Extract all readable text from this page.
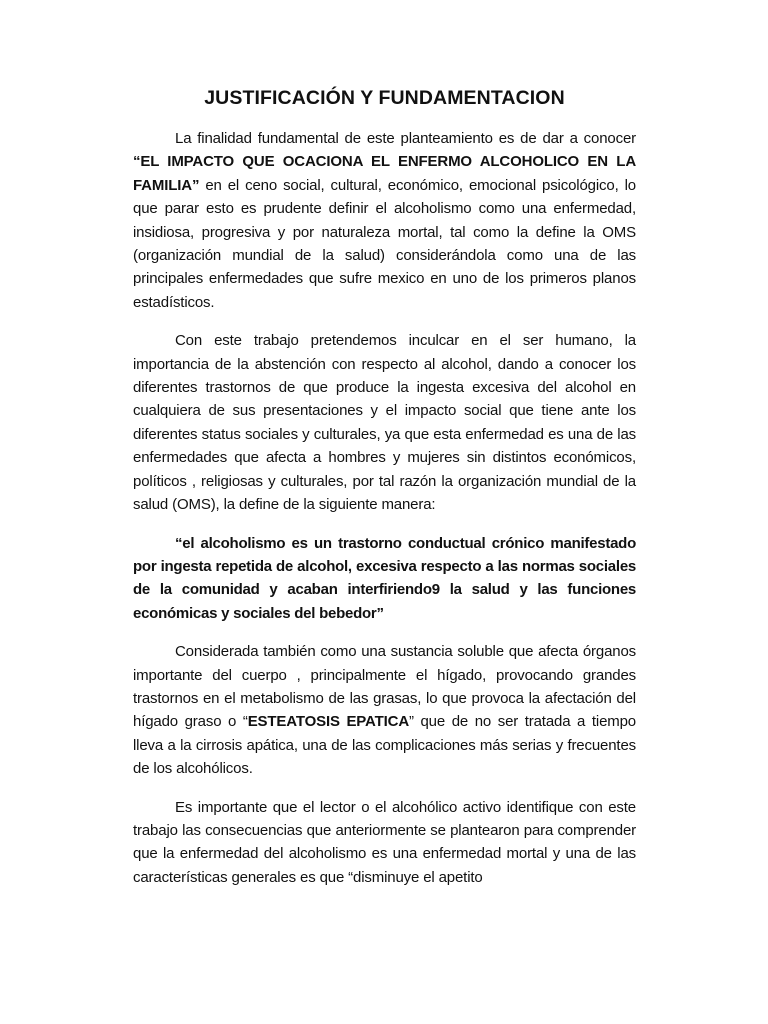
JUSTIFICACIÓN Y FUNDAMENTACION

La finalidad fundamental de este planteamiento es de dar a conocer “EL IMPACTO QUE OCACIONA EL ENFERMO ALCOHOLICO EN LA FAMILIA” en el ceno social, cultural, económico, emocional psicológico, lo que parar esto es prudente definir el alcoholismo como una enfermedad, insidiosa, progresiva y por naturaleza mortal, tal como la define la OMS (organización mundial de la salud) considerándola como una de las principales enfermedades que sufre mexico en uno de los primeros planos estadísticos.

Con este trabajo pretendemos inculcar en el ser humano, la importancia de la abstención con respecto al alcohol, dando a conocer los diferentes trastornos de que produce la ingesta excesiva del alcohol en cualquiera de sus presentaciones y el impacto social que tiene ante los diferentes status sociales y culturales, ya que esta enfermedad es una de las enfermedades que afecta a hombres y mujeres sin distintos económicos, políticos , religiosas y culturales, por tal razón la organización mundial de la salud (OMS), la define de la siguiente manera:

“el alcoholismo es un trastorno conductual crónico manifestado por ingesta repetida de alcohol, excesiva respecto a las normas sociales de la comunidad y acaban interfiriendo9 la salud y las funciones económicas y sociales del bebedor”

Considerada también como una sustancia soluble que afecta órganos importante del cuerpo , principalmente el hígado, provocando grandes trastornos en el metabolismo de las grasas, lo que provoca la afectación del hígado graso o “ESTEATOSIS EPATICA” que de no ser tratada a tiempo lleva a la cirrosis apática, una de las complicaciones más serias y frecuentes de los alcohólicos.

Es importante que el lector o el alcohólico activo identifique con este trabajo las consecuencias que anteriormente se plantearon para comprender que la enfermedad del alcoholismo es una enfermedad mortal y una de las características generales es que “disminuye el apetito
